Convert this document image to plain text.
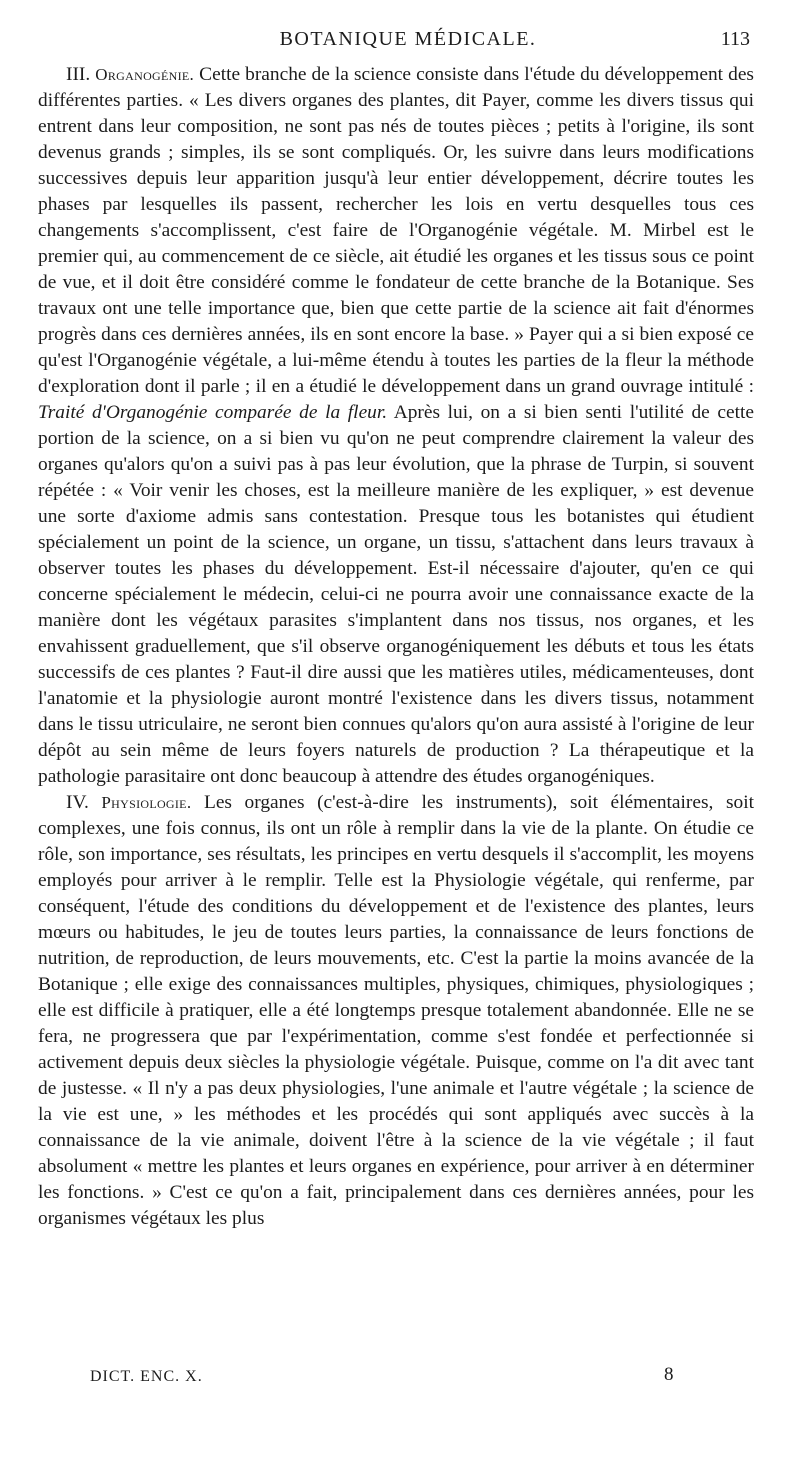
BOTANIQUE MÉDICALE.	113

III. Organogénie. Cette branche de la science consiste dans l'étude du développement des différentes parties. « Les divers organes des plantes, dit Payer, comme les divers tissus qui entrent dans leur composition, ne sont pas nés de toutes pièces ; petits à l'origine, ils sont devenus grands ; simples, ils se sont compliqués. Or, les suivre dans leurs modifications successives depuis leur apparition jusqu'à leur entier développement, décrire toutes les phases par lesquelles ils passent, rechercher les lois en vertu desquelles tous ces changements s'accomplissent, c'est faire de l'Organogénie végétale. M. Mirbel est le premier qui, au commencement de ce siècle, ait étudié les organes et les tissus sous ce point de vue, et il doit être considéré comme le fondateur de cette branche de la Botanique. Ses travaux ont une telle importance que, bien que cette partie de la science ait fait d'énormes progrès dans ces dernières années, ils en sont encore la base. » Payer qui a si bien exposé ce qu'est l'Organogénie végétale, a lui-même étendu à toutes les parties de la fleur la méthode d'exploration dont il parle ; il en a étudié le développement dans un grand ouvrage intitulé : Traité d'Organogénie comparée de la fleur. Après lui, on a si bien senti l'utilité de cette portion de la science, on a si bien vu qu'on ne peut comprendre clairement la valeur des organes qu'alors qu'on a suivi pas à pas leur évolution, que la phrase de Turpin, si souvent répétée : « Voir venir les choses, est la meilleure manière de les expliquer, » est devenue une sorte d'axiome admis sans contestation. Presque tous les botanistes qui étudient spécialement un point de la science, un organe, un tissu, s'attachent dans leurs travaux à observer toutes les phases du développement. Est-il nécessaire d'ajouter, qu'en ce qui concerne spécialement le médecin, celui-ci ne pourra avoir une connaissance exacte de la manière dont les végétaux parasites s'implantent dans nos tissus, nos organes, et les envahissent graduellement, que s'il observe organogéniquement les débuts et tous les états successifs de ces plantes ? Faut-il dire aussi que les matières utiles, médicamenteuses, dont l'anatomie et la physiologie auront montré l'existence dans les divers tissus, notamment dans le tissu utriculaire, ne seront bien connues qu'alors qu'on aura assisté à l'origine de leur dépôt au sein même de leurs foyers naturels de production ? La thérapeutique et la pathologie parasitaire ont donc beaucoup à attendre des études organogéniques.

IV. Physiologie. Les organes (c'est-à-dire les instruments), soit élémentaires, soit complexes, une fois connus, ils ont un rôle à remplir dans la vie de la plante. On étudie ce rôle, son importance, ses résultats, les principes en vertu desquels il s'accomplit, les moyens employés pour arriver à le remplir. Telle est la Physiologie végétale, qui renferme, par conséquent, l'étude des conditions du développement et de l'existence des plantes, leurs mœurs ou habitudes, le jeu de toutes leurs parties, la connaissance de leurs fonctions de nutrition, de reproduction, de leurs mouvements, etc. C'est la partie la moins avancée de la Botanique ; elle exige des connaissances multiples, physiques, chimiques, physiologiques ; elle est difficile à pratiquer, elle a été longtemps presque totalement abandonnée. Elle ne se fera, ne progressera que par l'expérimentation, comme s'est fondée et perfectionnée si activement depuis deux siècles la physiologie végétale. Puisque, comme on l'a dit avec tant de justesse. « Il n'y a pas deux physiologies, l'une animale et l'autre végétale ; la science de la vie est une, » les méthodes et les procédés qui sont appliqués avec succès à la connaissance de la vie animale, doivent l'être à la science de la vie végétale ; il faut absolument « mettre les plantes et leurs organes en expérience, pour arriver à en déterminer les fonctions. » C'est ce qu'on a fait, principalement dans ces dernières années, pour les organismes végétaux les plus

DICT. ENC. X.	8
